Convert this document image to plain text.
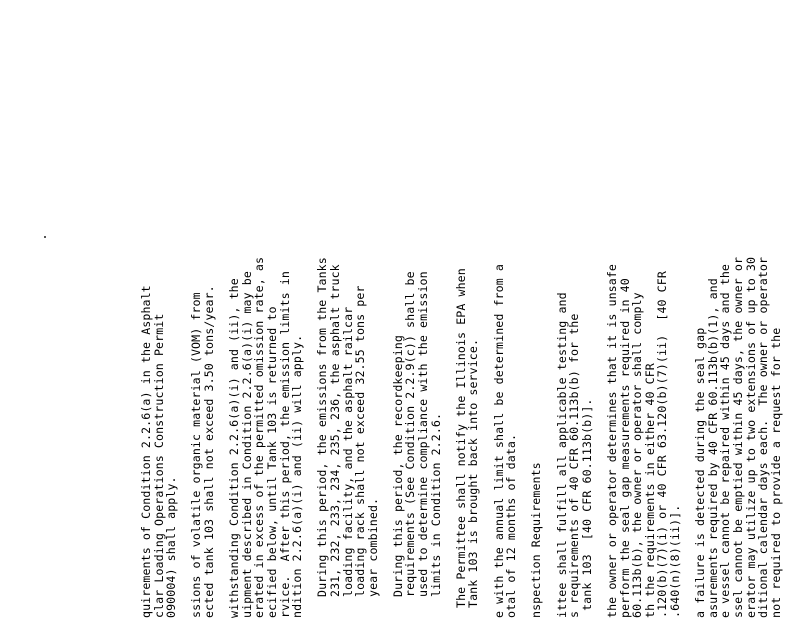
quirements of Condition 2.2.6(a) in the Asphalt
clar Loading Operations Construction Permit
090004) shall apply.
ssions of volatile organic material (VOM) from
ected tank 103 shall not exceed 3.50 tons/year.
withstanding Condition 2.2.6(a)(i) and (ii), the
uipment described in Condition 2.2.6(a)(i) may be
erated in excess of the permitted omission rate, as
ecified below, until Tank 103 is returned to
rvice.  After this period, the emission limits in
ndition 2.2.6(a)(i) and (ii) will apply.
During this period, the emissions from the Tanks
231, 232, 233, 234, 235, 236, the asphalt truck
loading facility, and the asphalt railcar
loading rack shall not exceed 32.55 tons per
year combined.
During this period, the recordkeeping
requirements (See Condition 2.2.9(c)) shall be
used to determine compliance with the emission
limits in Condition 2.2.6.
The Permittee shall notify the Illinois EPA when
Tank 103 is brought back into service.
e with the annual limit shall be determined from a
otal of 12 months of data.
nspection Requirements
ittee shall fulfill all applicable testing and
s requirements of 40 CFR 60.113b(b) for the
tank 103  [40 CFR 60.113b(b)].
the owner or operator determines that it is unsafe
perform the seal gap measurements required in 40
60.113b(b), the owner or operator shall comply
th the requirements in either 40 CFR
.120(b)(7)(i) or 40 CFR 63.120(b)(7)(ii)  [40 CFR
.640(n)(8)(ii)].
a failure is detected during the seal gap
asurements required by 40 CFR 60.113b(b)(1), and
e vessel cannot be repaired within 45 days and the
ssel cannot be emptied within 45 days, the owner or
erator may utilize up to two extensions of up to 30
ditional calendar days each.  The owner or operator
not required to provide a request for the
